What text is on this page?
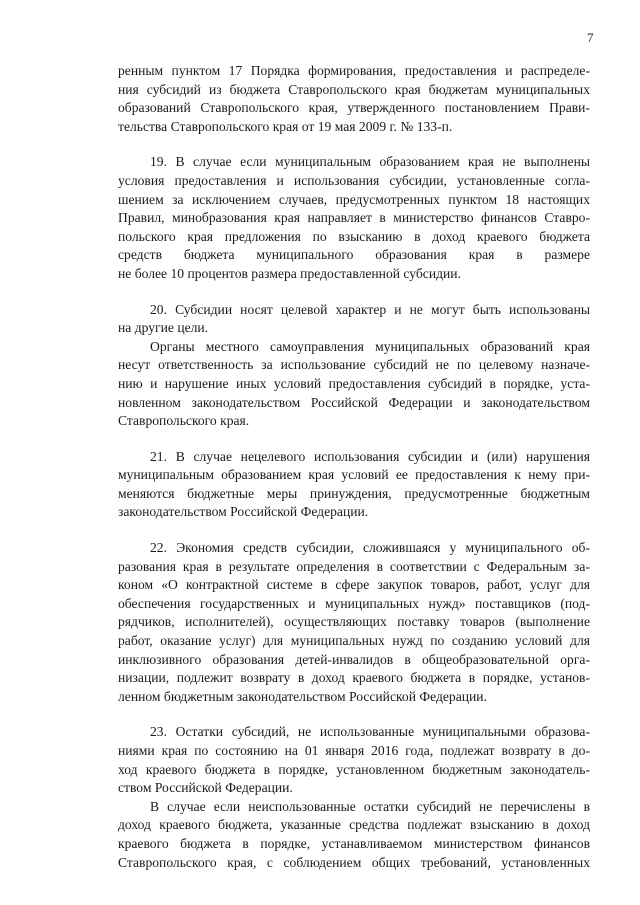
7
ренным пунктом 17 Порядка формирования, предоставления и распределе-
ния субсидий из бюджета Ставропольского края бюджетам муниципальных
образований Ставропольского края, утвержденного постановлением Прави-
тельства Ставропольского края от 19 мая 2009 г. № 133-п.
19. В случае если муниципальным образованием края не выполнены
условия предоставления и использования субсидии, установленные согла-
шением за исключением случаев, предусмотренных пунктом 18 настоящих
Правил, минобразования края направляет в министерство финансов Ставро-
польского края предложения по взысканию в доход краевого бюджета
средств бюджета муниципального образования края в размере
не более 10 процентов размера предоставленной субсидии.
20. Субсидии носят целевой характер и не могут быть использованы
на другие цели.
Органы местного самоуправления муниципальных образований края
несут ответственность за использование субсидий не по целевому назначе-
нию и нарушение иных условий предоставления субсидий в порядке, уста-
новленном законодательством Российской Федерации и законодательством
Ставропольского края.
21. В случае нецелевого использования субсидии и (или) нарушения
муниципальным образованием края условий ее предоставления к нему при-
меняются бюджетные меры принуждения, предусмотренные бюджетным
законодательством Российской Федерации.
22. Экономия средств субсидии, сложившаяся у муниципального об-
разования края в результате определения в соответствии с Федеральным за-
коном «О контрактной системе в сфере закупок товаров, работ, услуг для
обеспечения государственных и муниципальных нужд» поставщиков (под-
рядчиков, исполнителей), осуществляющих поставку товаров (выполнение
работ, оказание услуг) для муниципальных нужд по созданию условий для
инклюзивного образования детей-инвалидов в общеобразовательной орга-
низации, подлежит возврату в доход краевого бюджета в порядке, установ-
ленном бюджетным законодательством Российской Федерации.
23. Остатки субсидий, не использованные муниципальными образова-
ниями края по состоянию на 01 января 2016 года, подлежат возврату в до-
ход краевого бюджета в порядке, установленном бюджетным законодатель-
ством Российской Федерации.
В случае если неиспользованные остатки субсидий не перечислены в
доход краевого бюджета, указанные средства подлежат взысканию в доход
краевого бюджета в порядке, устанавливаемом министерством финансов
Ставропольского края, с соблюдением общих требований, установленных
